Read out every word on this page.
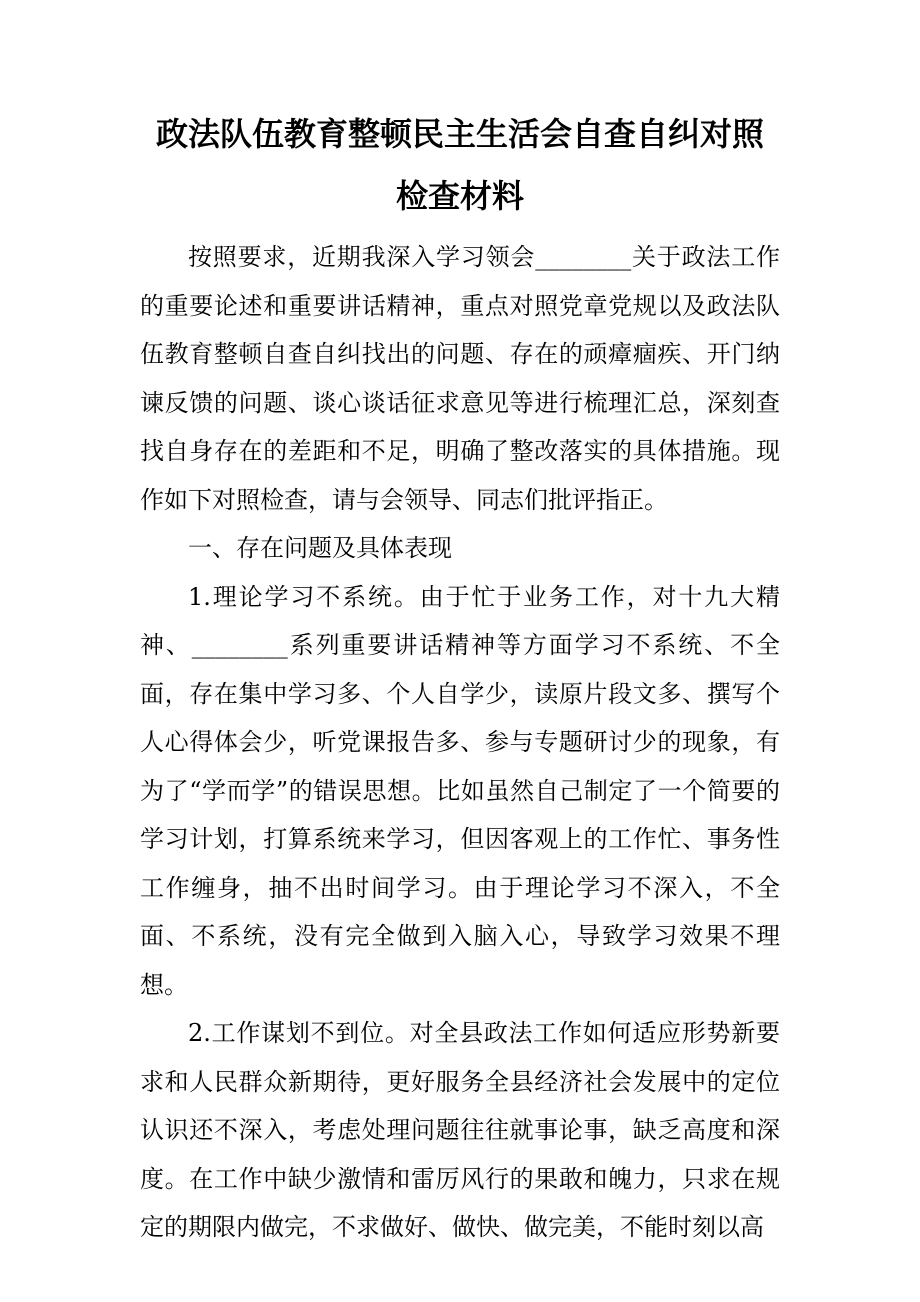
政法队伍教育整顿民主生活会自查自纠对照
检查材料

按照要求，近期我深入学习领会________关于政法工作的重要论述和重要讲话精神，重点对照党章党规以及政法队伍教育整顿自查自纠找出的问题、存在的顽瘴痼疾、开门纳谏反馈的问题、谈心谈话征求意见等进行梳理汇总，深刻查找自身存在的差距和不足，明确了整改落实的具体措施。现作如下对照检查，请与会领导、同志们批评指正。

一、存在问题及具体表现

1.理论学习不系统。由于忙于业务工作，对十九大精神、________系列重要讲话精神等方面学习不系统、不全面，存在集中学习多、个人自学少，读原片段文多、撰写个人心得体会少，听党课报告多、参与专题研讨少的现象，有为了“学而学”的错误思想。比如虽然自己制定了一个简要的学习计划，打算系统来学习，但因客观上的工作忙、事务性工作缠身，抽不出时间学习。由于理论学习不深入，不全面、不系统，没有完全做到入脑入心，导致学习效果不理想。

2.工作谋划不到位。对全县政法工作如何适应形势新要求和人民群众新期待，更好服务全县经济社会发展中的定位认识还不深入，考虑处理问题往往就事论事，缺乏高度和深度。在工作中缺少激情和雷厉风行的果敢和魄力，只求在规定的期限内做完，不求做好、做快、做完美，不能时刻以高
